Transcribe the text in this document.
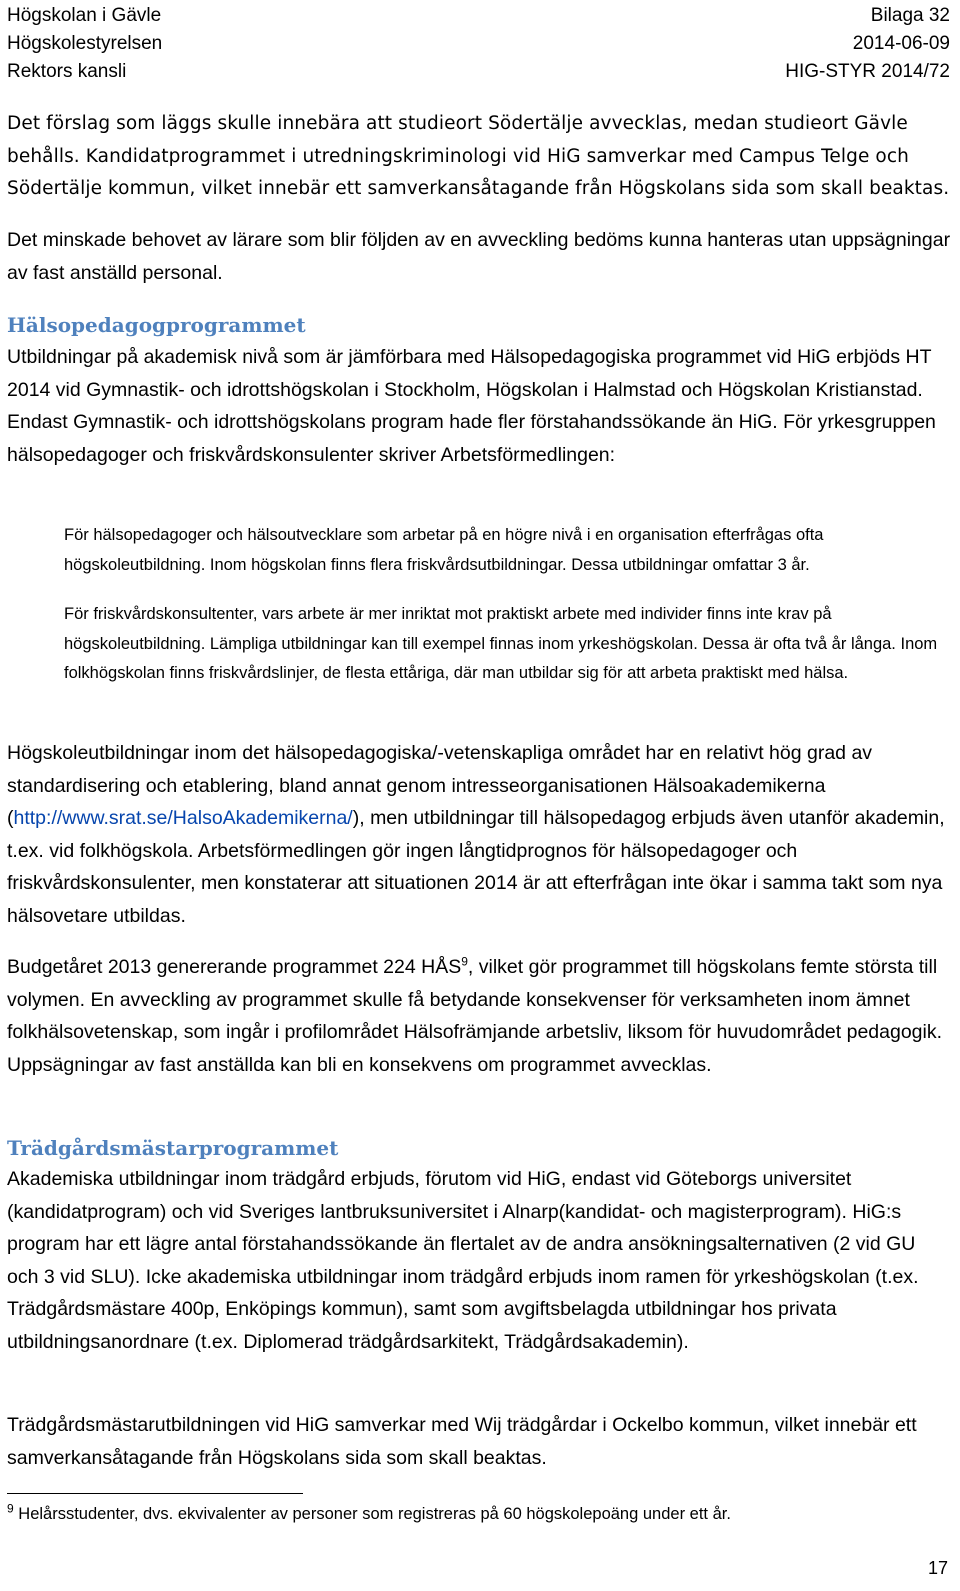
Högskolan i Gävle
Högskolestyrelsen
Rektors kansli
Bilaga 32
2014-06-09
HIG-STYR 2014/72

Det förslag som läggs skulle innebära att studieort Södertälje avvecklas, medan studieort Gävle behålls. Kandidatprogrammet i utredningskriminologi vid HiG samverkar med Campus Telge och Södertälje kommun, vilket innebär ett samverkansåtagande från Högskolans sida som skall beaktas.

Det minskade behovet av lärare som blir följden av en avveckling bedöms kunna hanteras utan uppsägningar av fast anställd personal.

Hälsopedagogprogrammet

Utbildningar på akademisk nivå som är jämförbara med Hälsopedagogiska programmet vid HiG erbjöds HT 2014 vid Gymnastik- och idrottshögskolan i Stockholm, Högskolan i Halmstad och Högskolan Kristianstad. Endast Gymnastik- och idrottshögskolans program hade fler förstahandssökande än HiG. För yrkesgruppen hälsopedagoger och friskvårdskonsulenter skriver Arbetsförmedlingen:

För hälsopedagoger och hälsoutvecklare som arbetar på en högre nivå i en organisation efterfrågas ofta högskoleutbildning. Inom högskolan finns flera friskvårdsutbildningar. Dessa utbildningar omfattar 3 år.

För friskvårdskonsultenter, vars arbete är mer inriktat mot praktiskt arbete med individer finns inte krav på högskoleutbildning. Lämpliga utbildningar kan till exempel finnas inom yrkeshögskolan. Dessa är ofta två år långa. Inom folkhögskolan finns friskvårdslinjer, de flesta ettåriga, där man utbildar sig för att arbeta praktiskt med hälsa.

Högskoleutbildningar inom det hälsopedagogiska/-vetenskapliga området har en relativt hög grad av standardisering och etablering, bland annat genom intresseorganisationen Hälsoakademikerna (http://www.srat.se/HalsoAkademikerna/), men utbildningar till hälsopedagog erbjuds även utanför akademin, t.ex. vid folkhögskola. Arbetsförmedlingen gör ingen långtidprognos för hälsopedagoger och friskvårdskonsulenter, men konstaterar att situationen 2014 är att efterfrågan inte ökar i samma takt som nya hälsovetare utbildas.

Budgetåret 2013 genererande programmet 224 HÅS$^9$, vilket gör programmet till högskolans femte största till volymen. En avveckling av programmet skulle få betydande konsekvenser för verksamheten inom ämnet folkhälsovetenskap, som ingår i profilområdet Hälsofrämjande arbetsliv, liksom för huvudområdet pedagogik. Uppsägningar av fast anställda kan bli en konsekvens om programmet avvecklas.

Trädgårdsmästarprogrammet

Akademiska utbildningar inom trädgård erbjuds, förutom vid HiG, endast vid Göteborgs universitet (kandidatprogram) och vid Sveriges lantbruksuniversitet i Alnarp(kandidat- och magisterprogram). HiG:s program har ett lägre antal förstahandssökande än flertalet av de andra ansökningsalternativen (2 vid GU och 3 vid SLU). Icke akademiska utbildningar inom trädgård erbjuds inom ramen för yrkeshögskolan (t.ex. Trädgårdsmästare 400p, Enköpings kommun), samt som avgiftsbelagda utbildningar hos privata utbildningsanordnare (t.ex. Diplomerad trädgårdsarkitekt, Trädgårdsakademin).

Trädgårdsmästarutbildningen vid HiG samverkar med Wij trädgårdar i Ockelbo kommun, vilket innebär ett samverkansåtagande från Högskolans sida som skall beaktas.

$^9$ Helårsstudenter, dvs. ekvivalenter av personer som registreras på 60 högskolepoäng under ett år.

17
